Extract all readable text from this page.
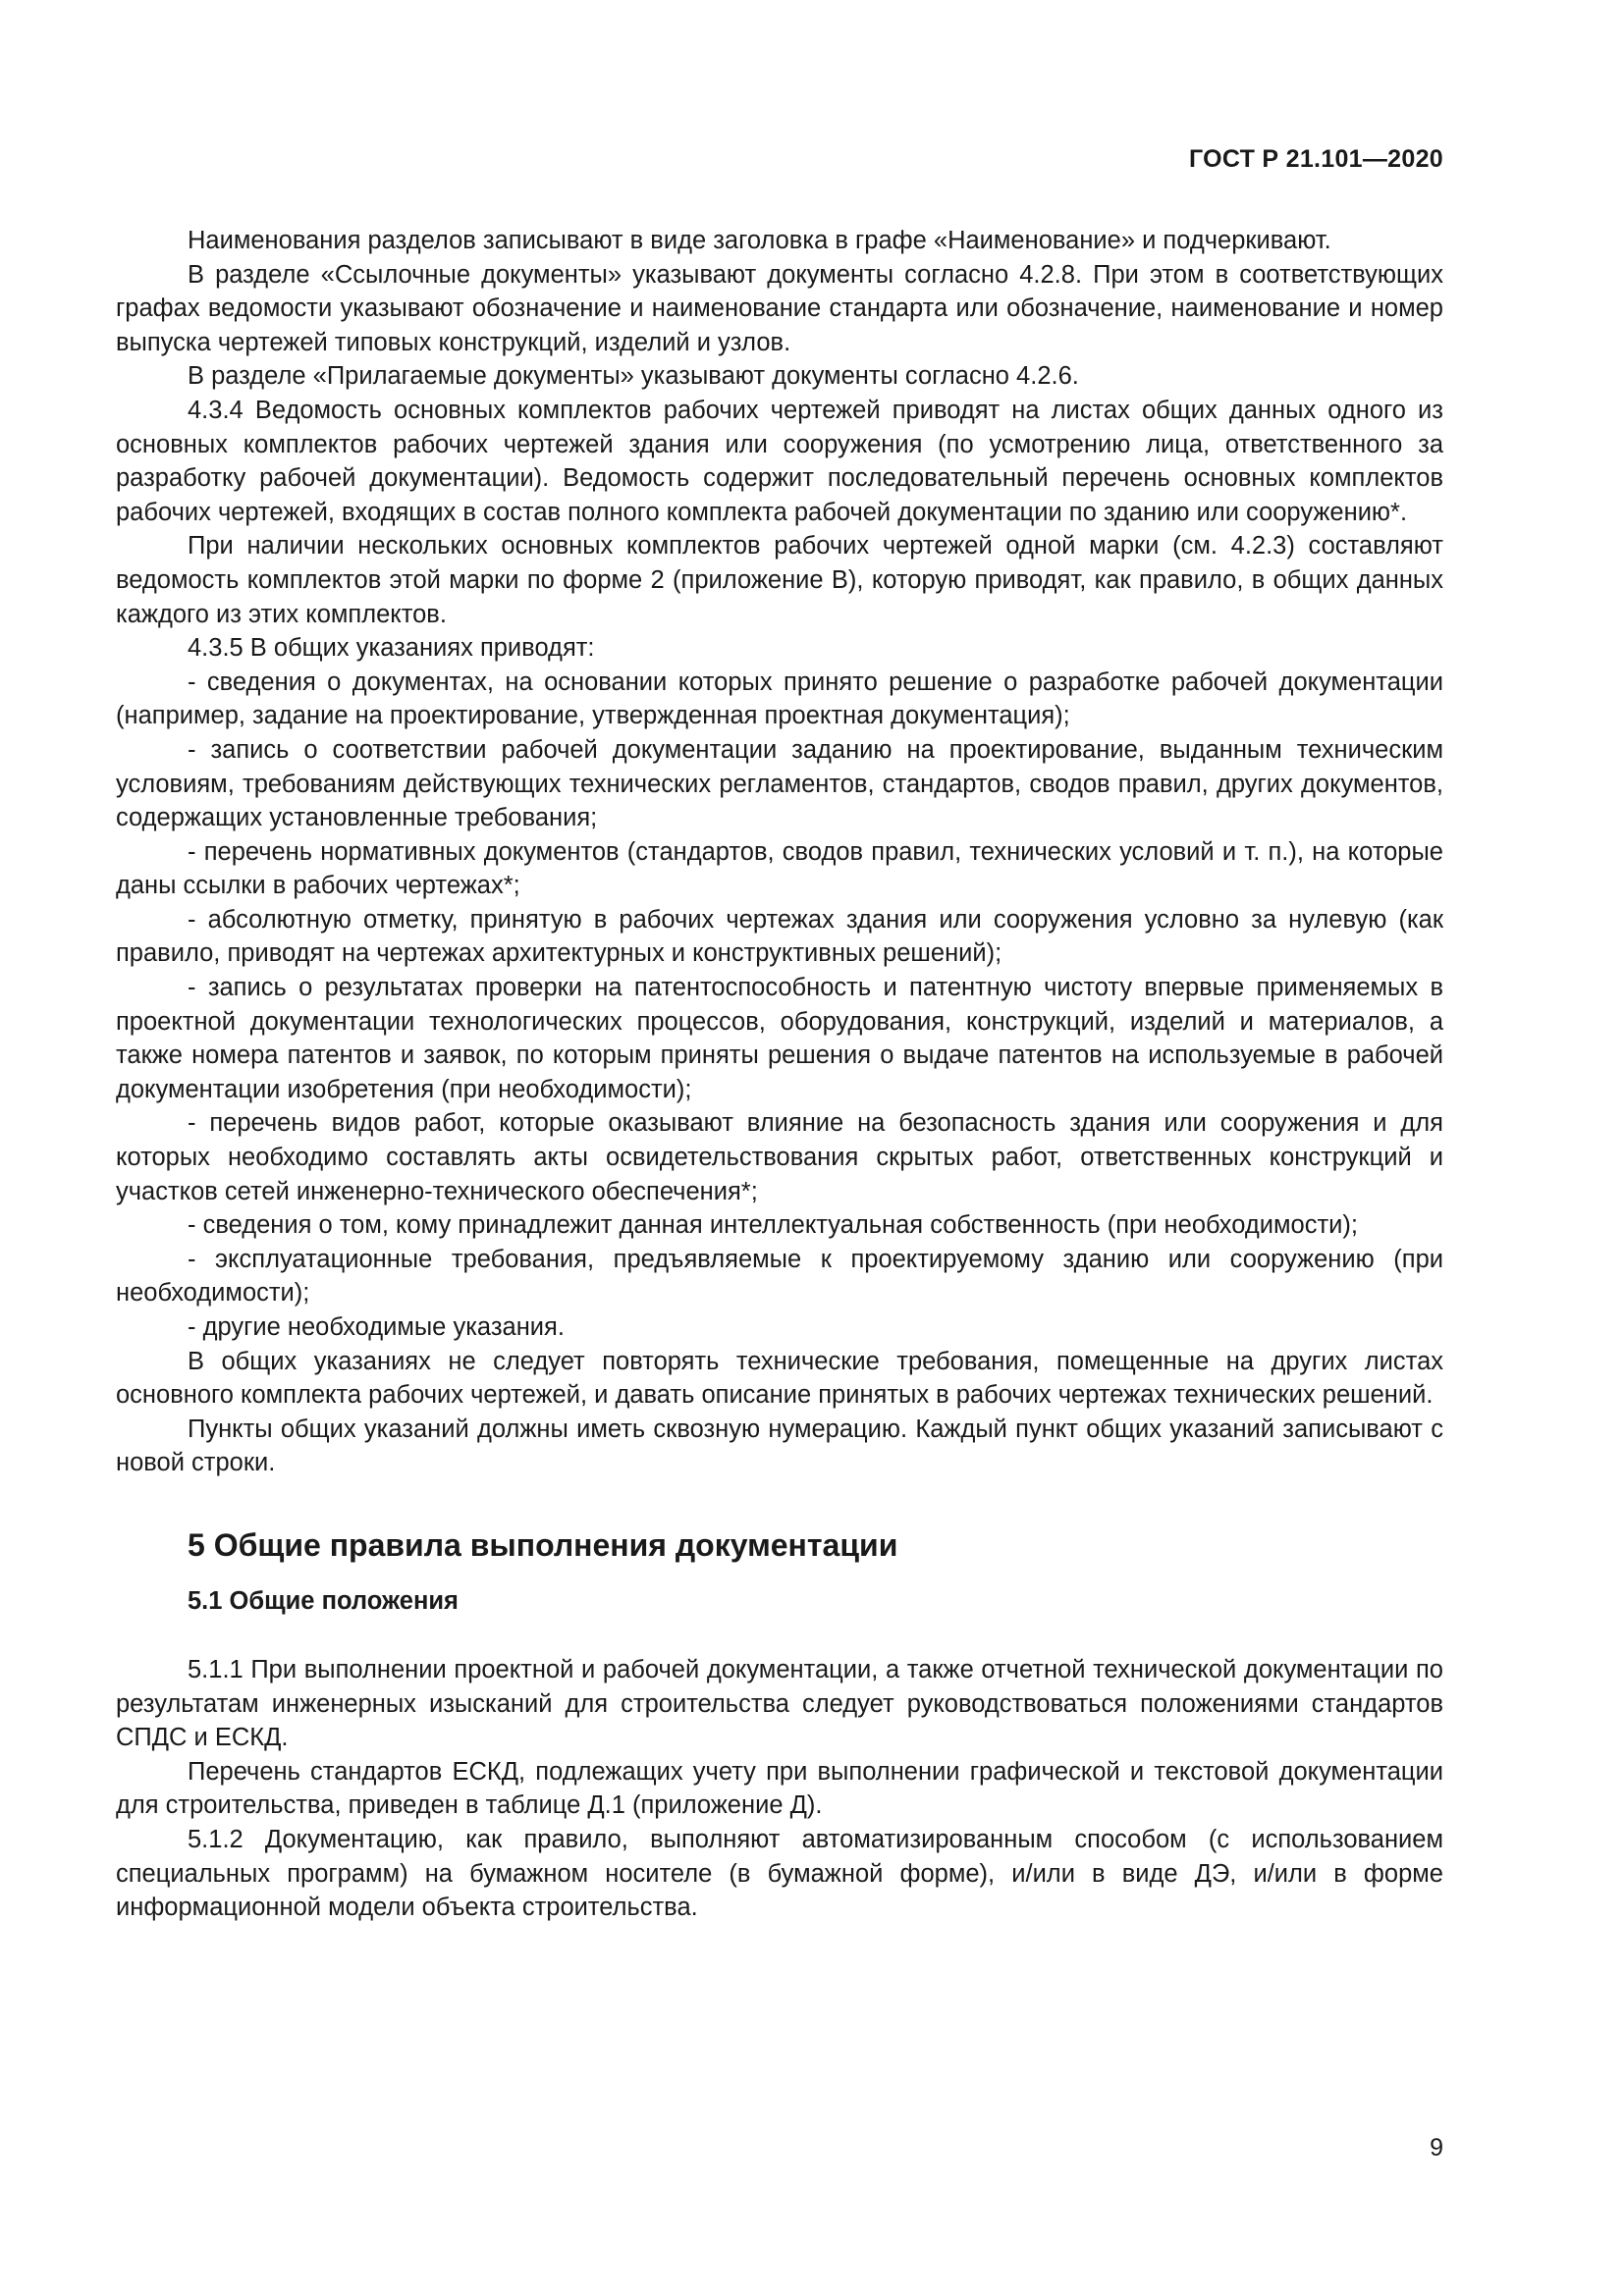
ГОСТ Р 21.101—2020

Наименования разделов записывают в виде заголовка в графе «Наименование» и подчеркивают.

В разделе «Ссылочные документы» указывают документы согласно 4.2.8. При этом в соответствующих графах ведомости указывают обозначение и наименование стандарта или обозначение, наименование и номер выпуска чертежей типовых конструкций, изделий и узлов.

В разделе «Прилагаемые документы» указывают документы согласно 4.2.6.

4.3.4 Ведомость основных комплектов рабочих чертежей приводят на листах общих данных одного из основных комплектов рабочих чертежей здания или сооружения (по усмотрению лица, ответственного за разработку рабочей документации). Ведомость содержит последовательный перечень основных комплектов рабочих чертежей, входящих в состав полного комплекта рабочей документации по зданию или сооружению*.

При наличии нескольких основных комплектов рабочих чертежей одной марки (см. 4.2.3) составляют ведомость комплектов этой марки по форме 2 (приложение В), которую приводят, как правило, в общих данных каждого из этих комплектов.

4.3.5 В общих указаниях приводят:

- сведения о документах, на основании которых принято решение о разработке рабочей документации (например, задание на проектирование, утвержденная проектная документация);

- запись о соответствии рабочей документации заданию на проектирование, выданным техническим условиям, требованиям действующих технических регламентов, стандартов, сводов правил, других документов, содержащих установленные требования;

- перечень нормативных документов (стандартов, сводов правил, технических условий и т. п.), на которые даны ссылки в рабочих чертежах*;

- абсолютную отметку, принятую в рабочих чертежах здания или сооружения условно за нулевую (как правило, приводят на чертежах архитектурных и конструктивных решений);

- запись о результатах проверки на патентоспособность и патентную чистоту впервые применяемых в проектной документации технологических процессов, оборудования, конструкций, изделий и материалов, а также номера патентов и заявок, по которым приняты решения о выдаче патентов на используемые в рабочей документации изобретения (при необходимости);

- перечень видов работ, которые оказывают влияние на безопасность здания или сооружения и для которых необходимо составлять акты освидетельствования скрытых работ, ответственных конструкций и участков сетей инженерно-технического обеспечения*;

- сведения о том, кому принадлежит данная интеллектуальная собственность (при необходимости);

- эксплуатационные требования, предъявляемые к проектируемому зданию или сооружению (при необходимости);

- другие необходимые указания.

В общих указаниях не следует повторять технические требования, помещенные на других листах основного комплекта рабочих чертежей, и давать описание принятых в рабочих чертежах технических решений.

Пункты общих указаний должны иметь сквозную нумерацию. Каждый пункт общих указаний записывают с новой строки.

5 Общие правила выполнения документации
5.1 Общие положения

5.1.1 При выполнении проектной и рабочей документации, а также отчетной технической документации по результатам инженерных изысканий для строительства следует руководствоваться положениями стандартов СПДС и ЕСКД.

Перечень стандартов ЕСКД, подлежащих учету при выполнении графической и текстовой документации для строительства, приведен в таблице Д.1 (приложение Д).

5.1.2 Документацию, как правило, выполняют автоматизированным способом (с использованием специальных программ) на бумажном носителе (в бумажной форме), и/или в виде ДЭ, и/или в форме информационной модели объекта строительства.

9
